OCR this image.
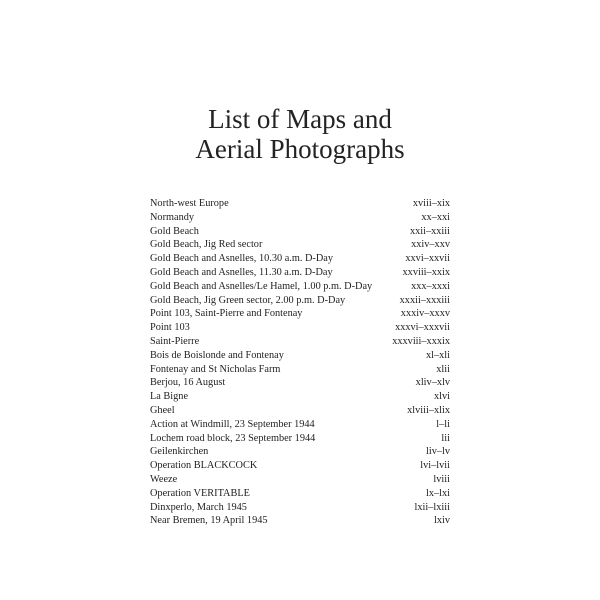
List of Maps and
Aerial Photographs
North-west Europe	xviii–xix
Normandy	xx–xxi
Gold Beach	xxii–xxiii
Gold Beach, Jig Red sector	xxiv–xxv
Gold Beach and Asnelles, 10.30 a.m. D-Day	xxvi–xxvii
Gold Beach and Asnelles, 11.30 a.m. D-Day	xxviii–xxix
Gold Beach and Asnelles/Le Hamel, 1.00 p.m. D-Day	xxx–xxxi
Gold Beach, Jig Green sector, 2.00 p.m. D-Day	xxxii–xxxiii
Point 103, Saint-Pierre and Fontenay	xxxiv–xxxv
Point 103	xxxvi–xxxvii
Saint-Pierre	xxxviii–xxxix
Bois de Boislonde and Fontenay	xl–xli
Fontenay and St Nicholas Farm	xlii
Berjou, 16 August	xliv–xlv
La Bigne	xlvi
Gheel	xlviii–xlix
Action at Windmill, 23 September 1944	l–li
Lochem road block, 23 September 1944	lii
Geilenkirchen	liv–lv
Operation BLACKCOCK	lvi–lvii
Weeze	lviii
Operation VERITABLE	lx–lxi
Dinxperlo, March 1945	lxii–lxiii
Near Bremen, 19 April 1945	lxiv
